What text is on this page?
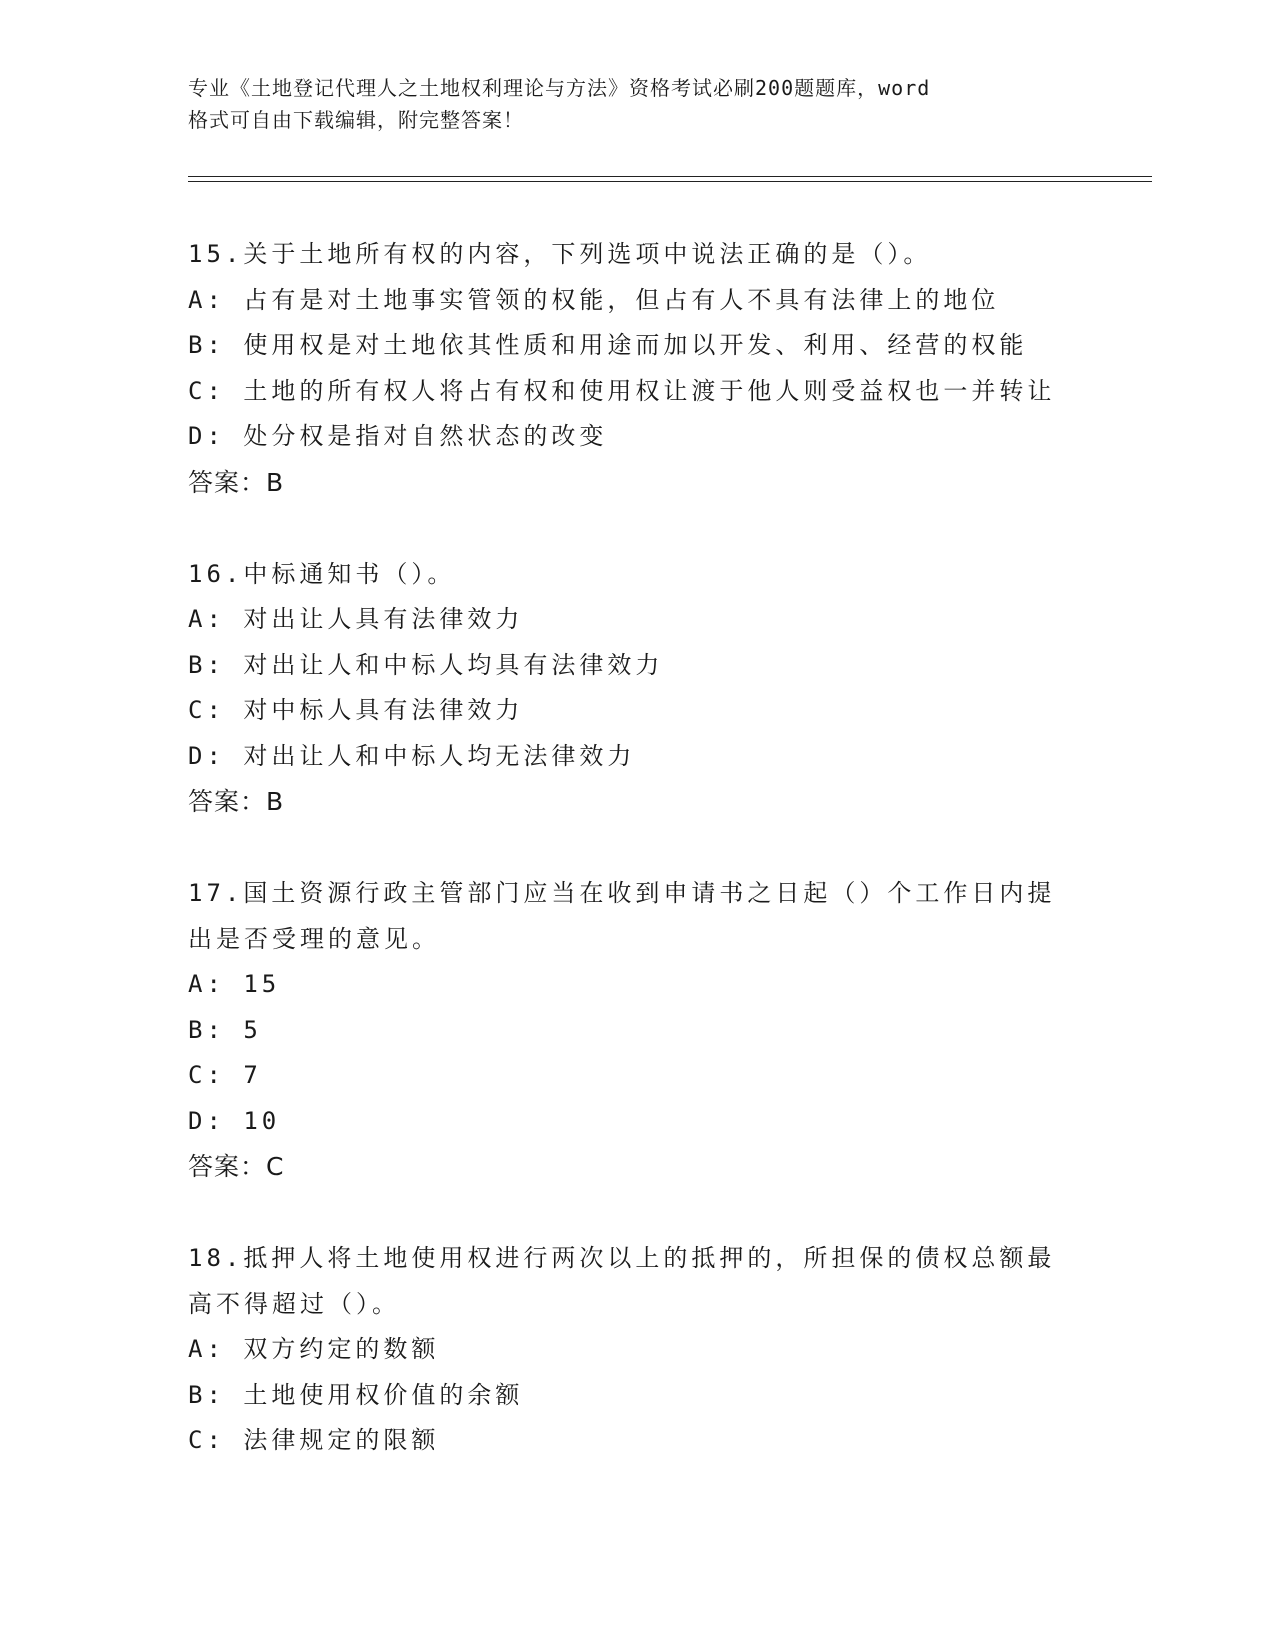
专业《土地登记代理人之土地权利理论与方法》资格考试必刷200题题库，word
格式可自由下载编辑，附完整答案！
15.关于土地所有权的内容，下列选项中说法正确的是（）。
A: 占有是对土地事实管领的权能，但占有人不具有法律上的地位
B: 使用权是对土地依其性质和用途而加以开发、利用、经营的权能
C: 土地的所有权人将占有权和使用权让渡于他人则受益权也一并转让
D: 处分权是指对自然状态的改变
答案：B
16.中标通知书（）。
A: 对出让人具有法律效力
B: 对出让人和中标人均具有法律效力
C: 对中标人具有法律效力
D: 对出让人和中标人均无法律效力
答案：B
17.国土资源行政主管部门应当在收到申请书之日起（）个工作日内提
出是否受理的意见。
A: 15
B: 5
C: 7
D: 10
答案：C
18.抵押人将土地使用权进行两次以上的抵押的，所担保的债权总额最
高不得超过（）。
A: 双方约定的数额
B: 土地使用权价值的余额
C: 法律规定的限额
